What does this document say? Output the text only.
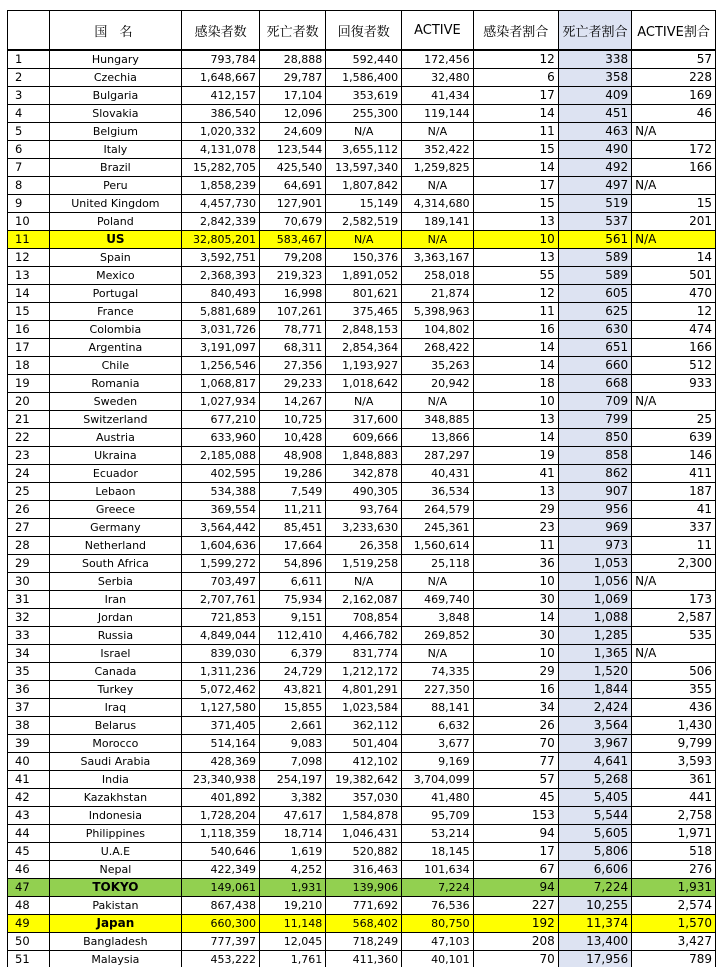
	国 名	感染者数	死亡者数	回復者数	ACTIVE	感染者割合	死亡者割合	ACTIVE割合
1	Hungary	793,784	28,888	592,440	172,456	12	338	57
2	Czechia	1,648,667	29,787	1,586,400	32,480	6	358	228
3	Bulgaria	412,157	17,104	353,619	41,434	17	409	169
4	Slovakia	386,540	12,096	255,300	119,144	14	451	46
5	Belgium	1,020,332	24,609	N/A	N/A	11	463	N/A
6	Italy	4,131,078	123,544	3,655,112	352,422	15	490	172
7	Brazil	15,282,705	425,540	13,597,340	1,259,825	14	492	166
8	Peru	1,858,239	64,691	1,807,842	N/A	17	497	N/A
9	United Kingdom	4,457,730	127,901	15,149	4,314,680	15	519	15
10	Poland	2,842,339	70,679	2,582,519	189,141	13	537	201
11	US	32,805,201	583,467	N/A	N/A	10	561	N/A
12	Spain	3,592,751	79,208	150,376	3,363,167	13	589	14
13	Mexico	2,368,393	219,323	1,891,052	258,018	55	589	501
14	Portugal	840,493	16,998	801,621	21,874	12	605	470
15	France	5,881,689	107,261	375,465	5,398,963	11	625	12
16	Colombia	3,031,726	78,771	2,848,153	104,802	16	630	474
17	Argentina	3,191,097	68,311	2,854,364	268,422	14	651	166
18	Chile	1,256,546	27,356	1,193,927	35,263	14	660	512
19	Romania	1,068,817	29,233	1,018,642	20,942	18	668	933
20	Sweden	1,027,934	14,267	N/A	N/A	10	709	N/A
21	Switzerland	677,210	10,725	317,600	348,885	13	799	25
22	Austria	633,960	10,428	609,666	13,866	14	850	639
23	Ukraina	2,185,088	48,908	1,848,883	287,297	19	858	146
24	Ecuador	402,595	19,286	342,878	40,431	41	862	411
25	Lebaon	534,388	7,549	490,305	36,534	13	907	187
26	Greece	369,554	11,211	93,764	264,579	29	956	41
27	Germany	3,564,442	85,451	3,233,630	245,361	23	969	337
28	Netherland	1,604,636	17,664	26,358	1,560,614	11	973	11
29	South Africa	1,599,272	54,896	1,519,258	25,118	36	1,053	2,300
30	Serbia	703,497	6,611	N/A	N/A	10	1,056	N/A
31	Iran	2,707,761	75,934	2,162,087	469,740	30	1,069	173
32	Jordan	721,853	9,151	708,854	3,848	14	1,088	2,587
33	Russia	4,849,044	112,410	4,466,782	269,852	30	1,285	535
34	Israel	839,030	6,379	831,774	N/A	10	1,365	N/A
35	Canada	1,311,236	24,729	1,212,172	74,335	29	1,520	506
36	Turkey	5,072,462	43,821	4,801,291	227,350	16	1,844	355
37	Iraq	1,127,580	15,855	1,023,584	88,141	34	2,424	436
38	Belarus	371,405	2,661	362,112	6,632	26	3,564	1,430
39	Morocco	514,164	9,083	501,404	3,677	70	3,967	9,799
40	Saudi Arabia	428,369	7,098	412,102	9,169	77	4,641	3,593
41	India	23,340,938	254,197	19,382,642	3,704,099	57	5,268	361
42	Kazakhstan	401,892	3,382	357,030	41,480	45	5,405	441
43	Indonesia	1,728,204	47,617	1,584,878	95,709	153	5,544	2,758
44	Philippines	1,118,359	18,714	1,046,431	53,214	94	5,605	1,971
45	U.A.E	540,646	1,619	520,882	18,145	17	5,806	518
46	Nepal	422,349	4,252	316,463	101,634	67	6,606	276
47	TOKYO	149,061	1,931	139,906	7,224	94	7,224	1,931
48	Pakistan	867,438	19,210	771,692	76,536	227	10,255	2,574
49	Japan	660,300	11,148	568,402	80,750	192	11,374	1,570
50	Bangladesh	777,397	12,045	718,249	47,103	208	13,400	3,427
51	Malaysia	453,222	1,761	411,360	40,101	70	17,956	789
